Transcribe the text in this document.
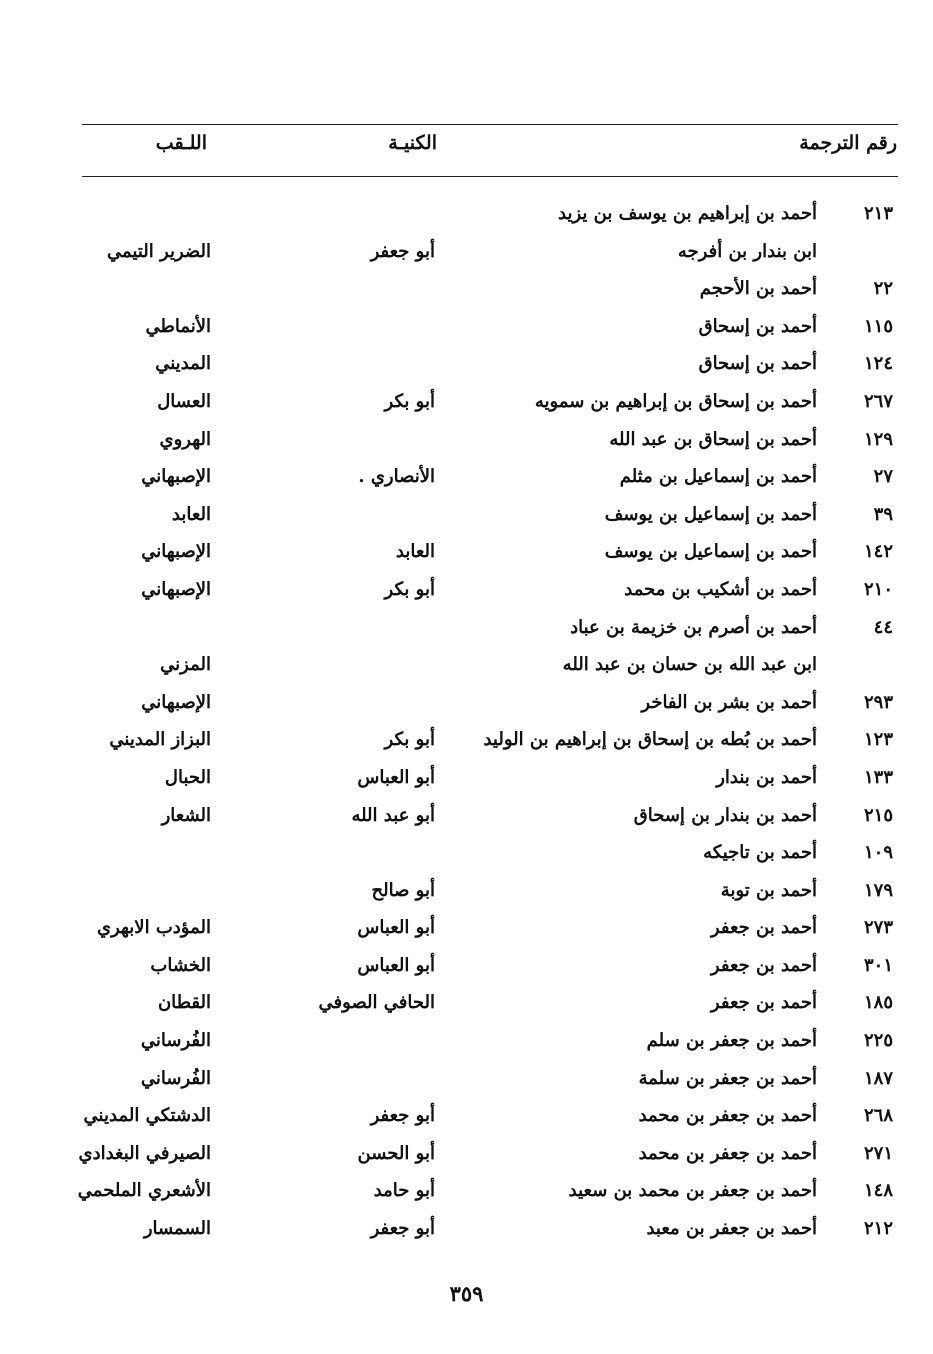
رقم الترجمة
الكنيـة
اللـقب
٢١٣
أحمد بن إبراهيم بن يوسف بن يزيد
ابن بندار بن أفرجه
أبو جعفر
الضرير التيمي
٢٢
أحمد بن الأحجم
١١٥
أحمد بن إسحاق
الأنماطي
١٢٤
أحمد بن إسحاق
المديني
٢٦٧
أحمد بن إسحاق بن إبراهيم بن سمويه
أبو بكر
العسال
١٢٩
أحمد بن إسحاق بن عبد الله
الهروي
٢٧
أحمد بن إسماعيل بن مثلم
الأنصاري .
الإصبهاني
٣٩
أحمد بن إسماعيل بن يوسف
العابد
١٤٢
أحمد بن إسماعيل بن يوسف
العابد
الإصبهاني
٢١٠
أحمد بن أشكيب بن محمد
أبو بكر
الإصبهاني
٤٤
أحمد بن أصرم بن خزيمة بن عباد
ابن عبد الله بن حسان بن عبد الله
المزني
٢٩٣
أحمد بن بشر بن الفاخر
الإصبهاني
١٢٣
أحمد بن بُطه بن إسحاق بن إبراهيم بن الوليد
أبو بكر
البزاز المديني
١٣٣
أحمد بن بندار
أبو العباس
الحبال
٢١٥
أحمد بن بندار بن إسحاق
أبو عبد الله
الشعار
١٠٩
أحمد بن تاجيكه
١٧٩
أحمد بن توبة
أبو صالح
٢٧٣
أحمد بن جعفر
أبو العباس
المؤدب الابهري
٣٠١
أحمد بن جعفر
أبو العباس
الخشاب
١٨٥
أحمد بن جعفر
الحافي الصوفي
القطان
٢٢٥
أحمد بن جعفر بن سلم
الفُرساني
١٨٧
أحمد بن جعفر بن سلمة
الفُرساني
٢٦٨
أحمد بن جعفر بن محمد
أبو جعفر
الدشتكي المديني
٢٧١
أحمد بن جعفر بن محمد
أبو الحسن
الصيرفي البغدادي
١٤٨
أحمد بن جعفر بن محمد بن سعيد
أبو حامد
الأشعري الملحمي
٢١٢
أحمد بن جعفر بن معبد
أبو جعفر
السمسار
٣٥٩
